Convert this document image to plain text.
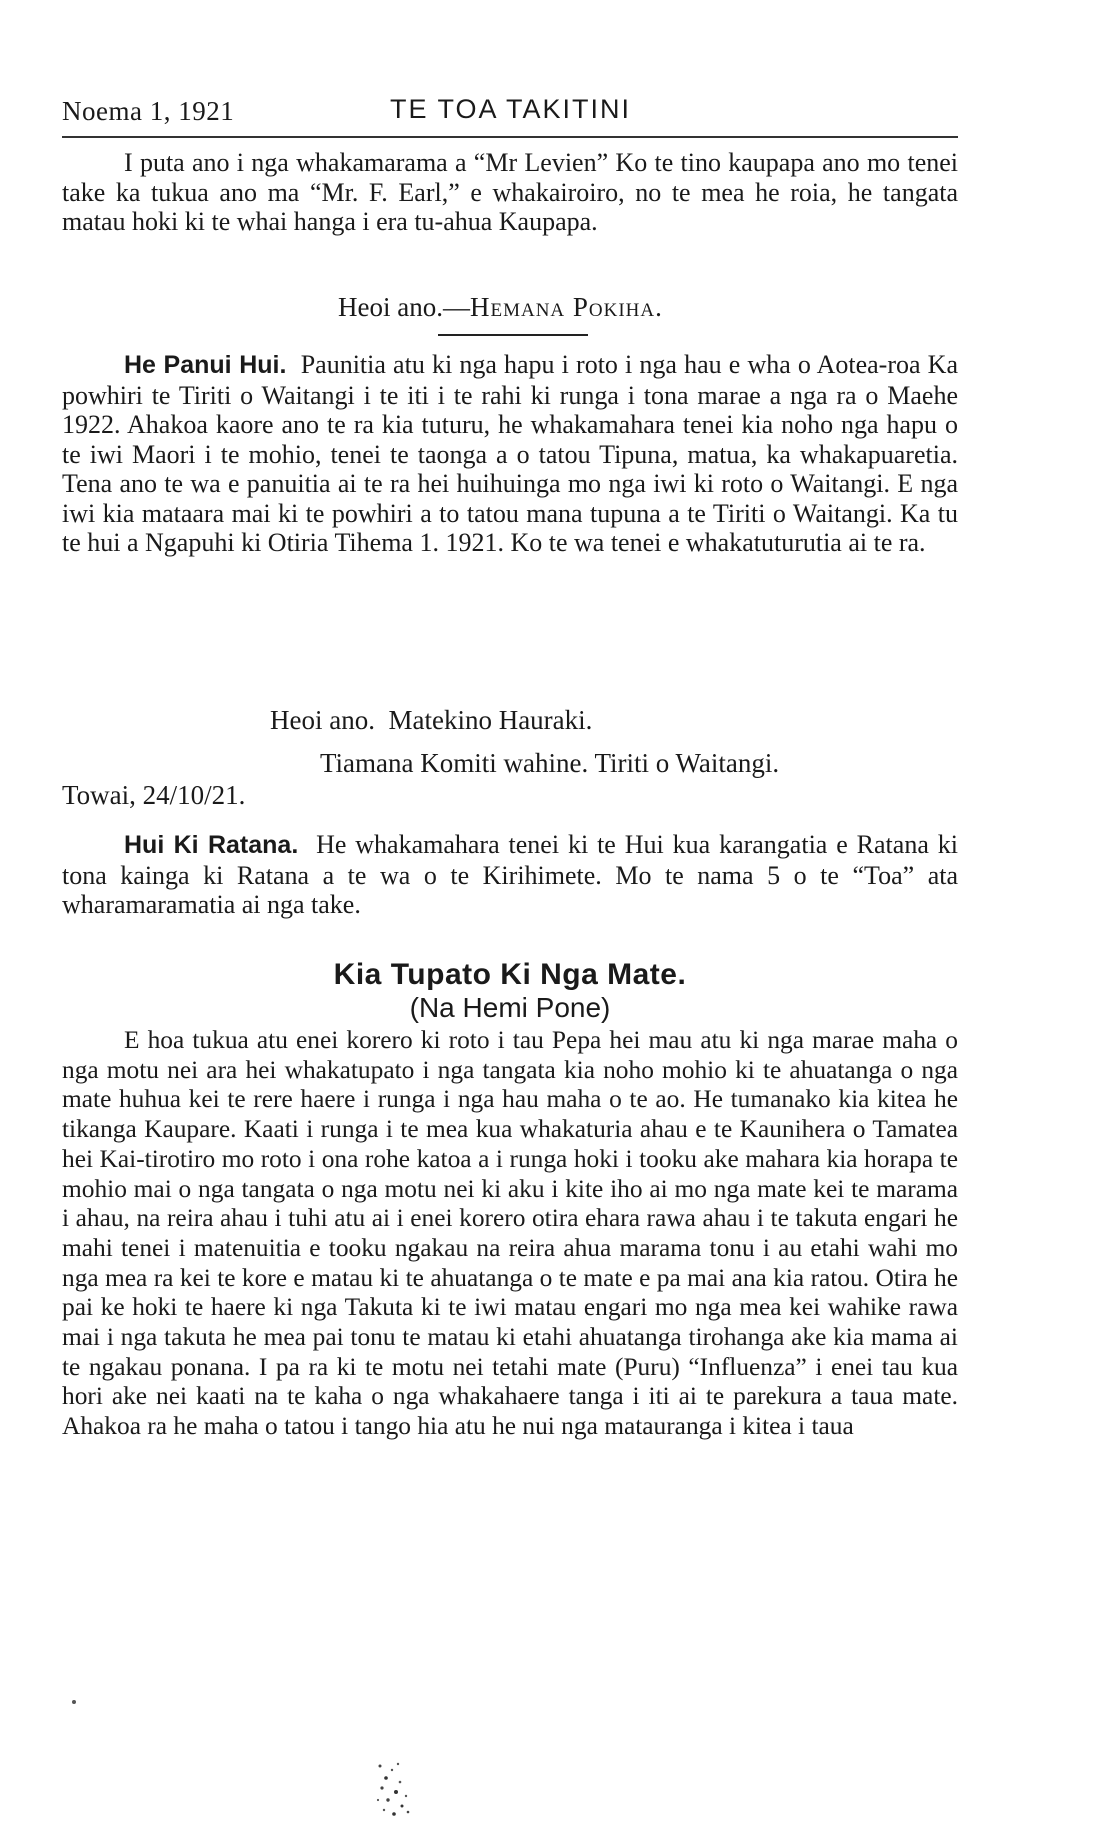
Noema 1, 1921	TE TOA TAKITINI

I puta ano i nga whakamarama a “Mr Levien” Ko te tino kaupapa ano mo tenei take ka tukua ano ma “Mr. F. Earl,” e whakairoiro, no te mea he roia, he tangata matau hoki ki te whai hanga i era tu-ahua Kaupapa.

Heoi ano.—Hemana Pokiha.

He Panui Hui. Paunitia atu ki nga hapu i roto i nga hau e wha o Aotea-roa Ka powhiri te Tiriti o Waitangi i te iti i te rahi ki runga i tona marae a nga ra o Maehe 1922. Ahakoa kaore ano te ra kia tuturu, he whakamahara tenei kia noho nga hapu o te iwi Maori i te mohio, tenei te taonga a o tatou Tipuna, matua, ka whakapuaretia. Tena ano te wa e panuitia ai te ra hei huihuinga mo nga iwi ki roto o Waitangi. E nga iwi kia mataara mai ki te powhiri a to tatou mana tupuna a te Tiriti o Waitangi. Ka tu te hui a Ngapuhi ki Otiria Tihema 1. 1921. Ko te wa tenei e whakatuturutia ai te ra.

Heoi ano. Matekino Hauraki.
Tiamana Komiti wahine. Tiriti o Waitangi.
Towai, 24/10/21.

Hui Ki Ratana. He whakamahara tenei ki te Hui kua karangatia e Ratana ki tona kainga ki Ratana a te wa o te Kirihimete. Mo te nama 5 o te “Toa” ata wharamaramatia ai nga take.

Kia Tupato Ki Nga Mate.
(Na Hemi Pone)

E hoa tukua atu enei korero ki roto i tau Pepa hei mau atu ki nga marae maha o nga motu nei ara hei whakatupato i nga tangata kia noho mohio ki te ahuatanga o nga mate huhua kei te rere haere i runga i nga hau maha o te ao. He tumanako kia kitea he tikanga Kaupare. Kaati i runga i te mea kua whakaturia ahau e te Kaunihera o Tamatea hei Kai-tirotiro mo roto i ona rohe katoa a i runga hoki i tooku ake mahara kia horapa te mohio mai o nga tangata o nga motu nei ki aku i kite iho ai mo nga mate kei te marama i ahau, na reira ahau i tuhi atu ai i enei korero otira ehara rawa ahau i te takuta engari he mahi tenei i matenuitia e tooku ngakau na reira ahua marama tonu i au etahi wahi mo nga mea ra kei te kore e matau ki te ahuatanga o te mate e pa mai ana kia ratou. Otira he pai ke hoki te haere ki nga Takuta ki te iwi matau engari mo nga mea kei wahike rawa mai i nga takuta he mea pai tonu te matau ki etahi ahuatanga tirohanga ake kia mama ai te ngakau ponana. I pa ra ki te motu nei tetahi mate (Puru) “Influenza” i enei tau kua hori ake nei kaati na te kaha o nga whakahaere tanga i iti ai te parekura a taua mate. Ahakoa ra he maha o tatou i tango hia atu he nui nga matauranga i kitea i taua
